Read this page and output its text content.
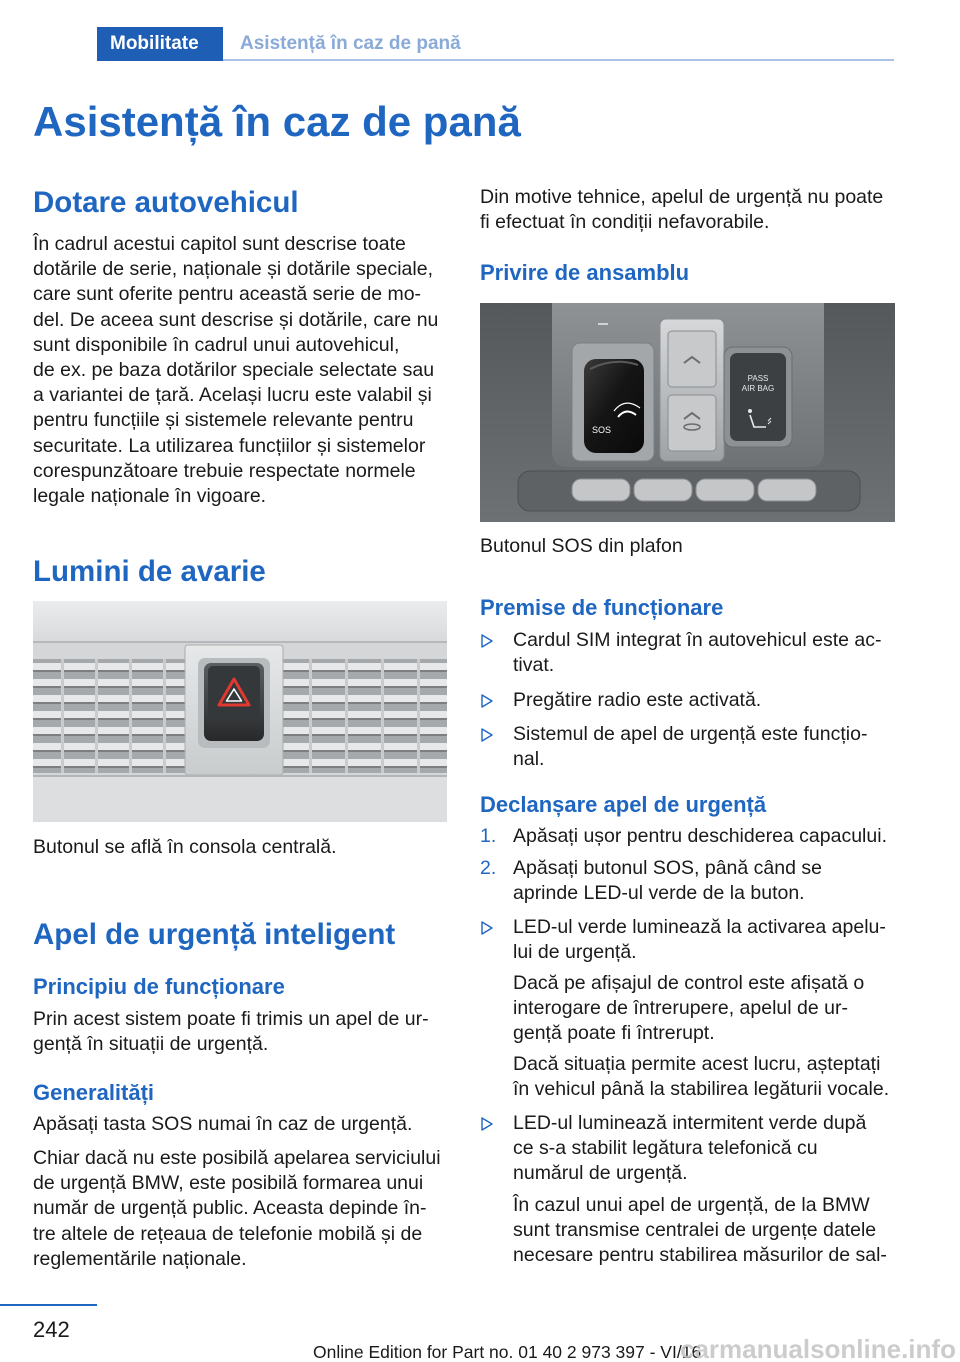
Mobilitate	Asistență în caz de pană
Asistență în caz de pană
Dotare autovehicul

În cadrul acestui capitol sunt descrise toate
dotările de serie, naționale și dotările speciale,
care sunt oferite pentru această serie de mo-
del. De aceea sunt descrise și dotările, care nu
sunt disponibile în cadrul unui autovehicul,
de ex. pe baza dotărilor speciale selectate sau
a variantei de țară. Același lucru este valabil și
pentru funcțiile și sistemele relevante pentru
securitate. La utilizarea funcțiilor și sistemelor
corespunzătoare trebuie respectate normele
legale naționale în vigoare.

Lumini de avarie

Butonul se află în consola centrală.

Apel de urgență inteligent
Principiu de funcționare

Prin acest sistem poate fi trimis un apel de ur-
gență în situații de urgență.

Generalități

Apăsați tasta SOS numai în caz de urgență.

Chiar dacă nu este posibilă apelarea serviciului
de urgență BMW, este posibilă formarea unui
număr de urgență public. Aceasta depinde în-
tre altele de rețeaua de telefonie mobilă și de
reglementările naționale.

Din motive tehnice, apelul de urgență nu poate
fi efectuat în condiții nefavorabile.

Privire de ansamblu
SOS
PASS
AIR BAG

Butonul SOS din plafon

Premise de funcționare

Cardul SIM integrat în autovehicul este ac-
tivat.

Pregătire radio este activată.

Sistemul de apel de urgență este funcțio-
nal.

Declanșare apel de urgență
1. Apăsați ușor pentru deschiderea capacului.

2. Apăsați butonul SOS, până când se
aprinde LED-ul verde de la buton.

LED-ul verde luminează la activarea apelu-
lui de urgență.

Dacă pe afișajul de control este afișată o
interogare de întrerupere, apelul de ur-
gență poate fi întrerupt.

Dacă situația permite acest lucru, așteptați
în vehicul până la stabilirea legăturii vocale.

LED-ul luminează intermitent verde după
ce s-a stabilit legătura telefonică cu
numărul de urgență.

În cazul unui apel de urgență, de la BMW
sunt transmise centralei de urgențe datele
necesare pentru stabilirea măsurilor de sal-

242
Online Edition for Part no. 01 40 2 973 397 - VI/16
carmanualsonline.info
